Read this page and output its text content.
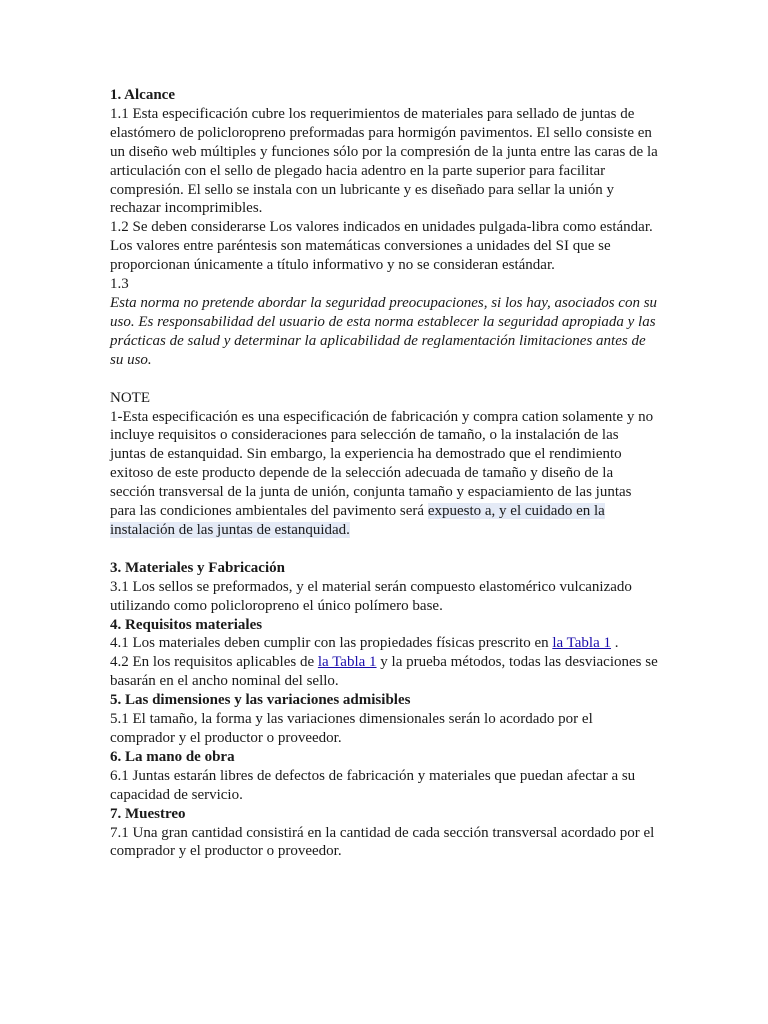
1. Alcance

1.1 Esta especificación cubre los requerimientos de materiales para sellado de juntas de elastómero de policloropreno preformadas para hormigón pavimentos. El sello consiste en un diseño web múltiples y funciones sólo por la compresión de la junta entre las caras de la articulación con el sello de plegado hacia adentro en la parte superior para facilitar compresión. El sello se instala con un lubricante y es diseñado para sellar la unión y rechazar incomprimibles.

1.2 Se deben considerarse Los valores indicados en unidades pulgada-libra como estándar. Los valores entre paréntesis son matemáticas conversiones a unidades del SI que se proporcionan únicamente a título informativo y no se consideran estándar.

1.3

Esta norma no pretende abordar la seguridad preocupaciones, si los hay, asociados con su uso. Es responsabilidad del usuario de esta norma establecer la seguridad apropiada y las prácticas de salud y determinar la aplicabilidad de reglamentación limitaciones antes de su uso.

NOTE

1-Esta especificación es una especificación de fabricación y compra cation solamente y no incluye requisitos o consideraciones para selección de tamaño, o la instalación de las juntas de estanquidad. Sin embargo, la experiencia ha demostrado que el rendimiento exitoso de este producto depende de la selección adecuada de tamaño y diseño de la sección transversal de la junta de unión, conjunta tamaño y espaciamiento de las juntas para las condiciones ambientales del pavimento será expuesto a, y el cuidado en la instalación de las juntas de estanquidad.

3. Materiales y Fabricación

3.1 Los sellos se preformados, y el material serán compuesto elastomérico vulcanizado utilizando como policloropreno el único polímero base.

4. Requisitos materiales

4.1 Los materiales deben cumplir con las propiedades físicas prescrito en la Tabla 1 .

4.2 En los requisitos aplicables de la Tabla 1 y la prueba métodos, todas las desviaciones se basarán en el ancho nominal del sello.

5. Las dimensiones y las variaciones admisibles

5.1 El tamaño, la forma y las variaciones dimensionales serán lo acordado por el comprador y el productor o proveedor.

6. La mano de obra

6.1 Juntas estarán libres de defectos de fabricación y materiales que puedan afectar a su capacidad de servicio.

7. Muestreo

7.1 Una gran cantidad consistirá en la cantidad de cada sección transversal acordado por el comprador y el productor o proveedor.
